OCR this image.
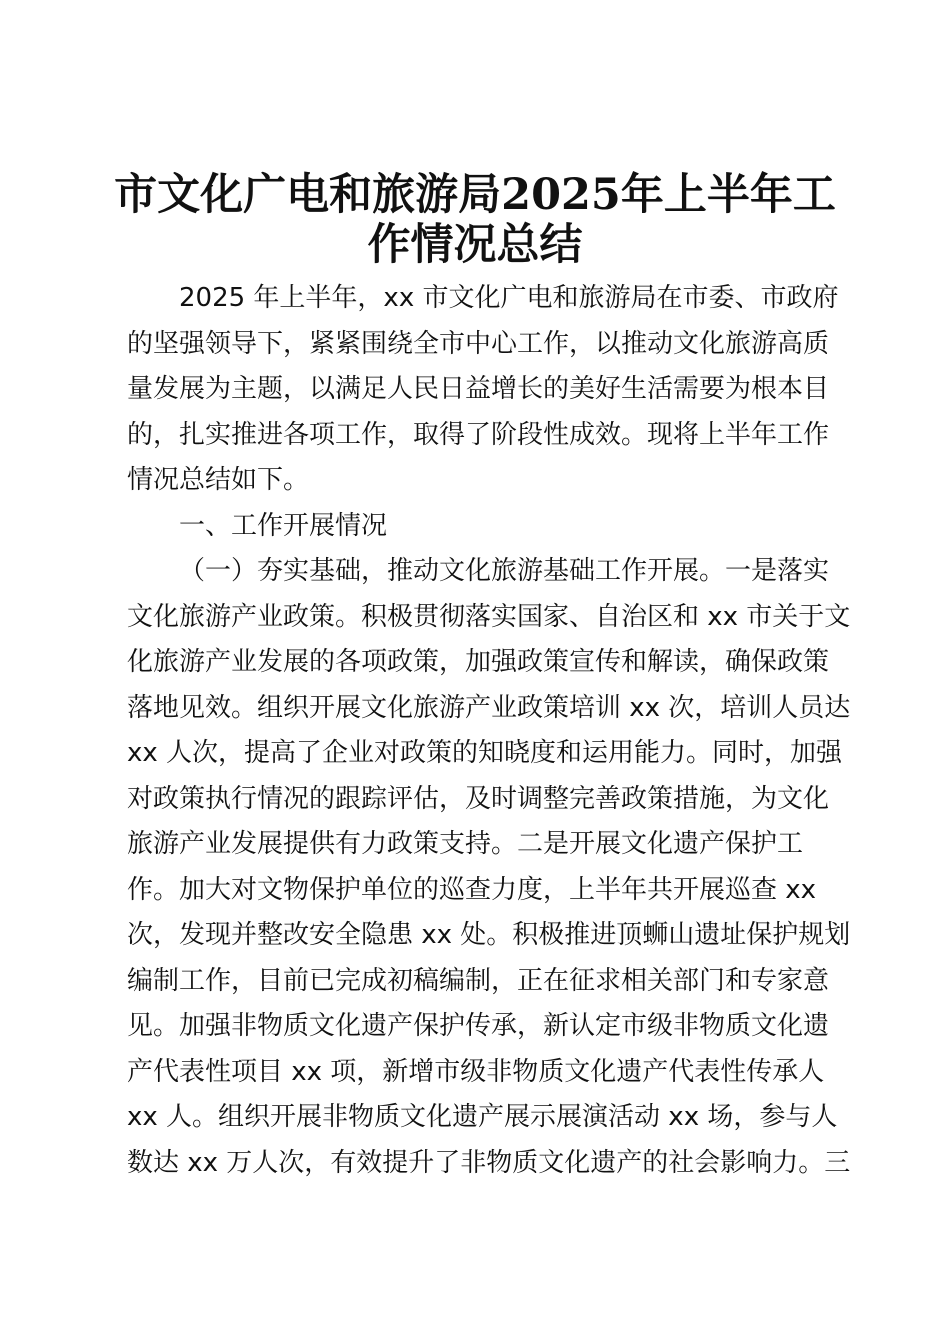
市文化广电和旅游局2025年上半年工
作情况总结
2025 年上半年，xx 市文化广电和旅游局在市委、市政府
的坚强领导下，紧紧围绕全市中心工作，以推动文化旅游高质
量发展为主题，以满足人民日益增长的美好生活需要为根本目
的，扎实推进各项工作，取得了阶段性成效。现将上半年工作
情况总结如下。
一、工作开展情况
（一）夯实基础，推动文化旅游基础工作开展。一是落实
文化旅游产业政策。积极贯彻落实国家、自治区和 xx 市关于文
化旅游产业发展的各项政策，加强政策宣传和解读，确保政策
落地见效。组织开展文化旅游产业政策培训 xx 次，培训人员达
xx 人次，提高了企业对政策的知晓度和运用能力。同时，加强
对政策执行情况的跟踪评估，及时调整完善政策措施，为文化
旅游产业发展提供有力政策支持。二是开展文化遗产保护工
作。加大对文物保护单位的巡查力度，上半年共开展巡查 xx
次，发现并整改安全隐患 xx 处。积极推进顶蛳山遗址保护规划
编制工作，目前已完成初稿编制，正在征求相关部门和专家意
见。加强非物质文化遗产保护传承，新认定市级非物质文化遗
产代表性项目 xx 项，新增市级非物质文化遗产代表性传承人
xx 人。组织开展非物质文化遗产展示展演活动 xx 场，参与人
数达 xx 万人次，有效提升了非物质文化遗产的社会影响力。三
